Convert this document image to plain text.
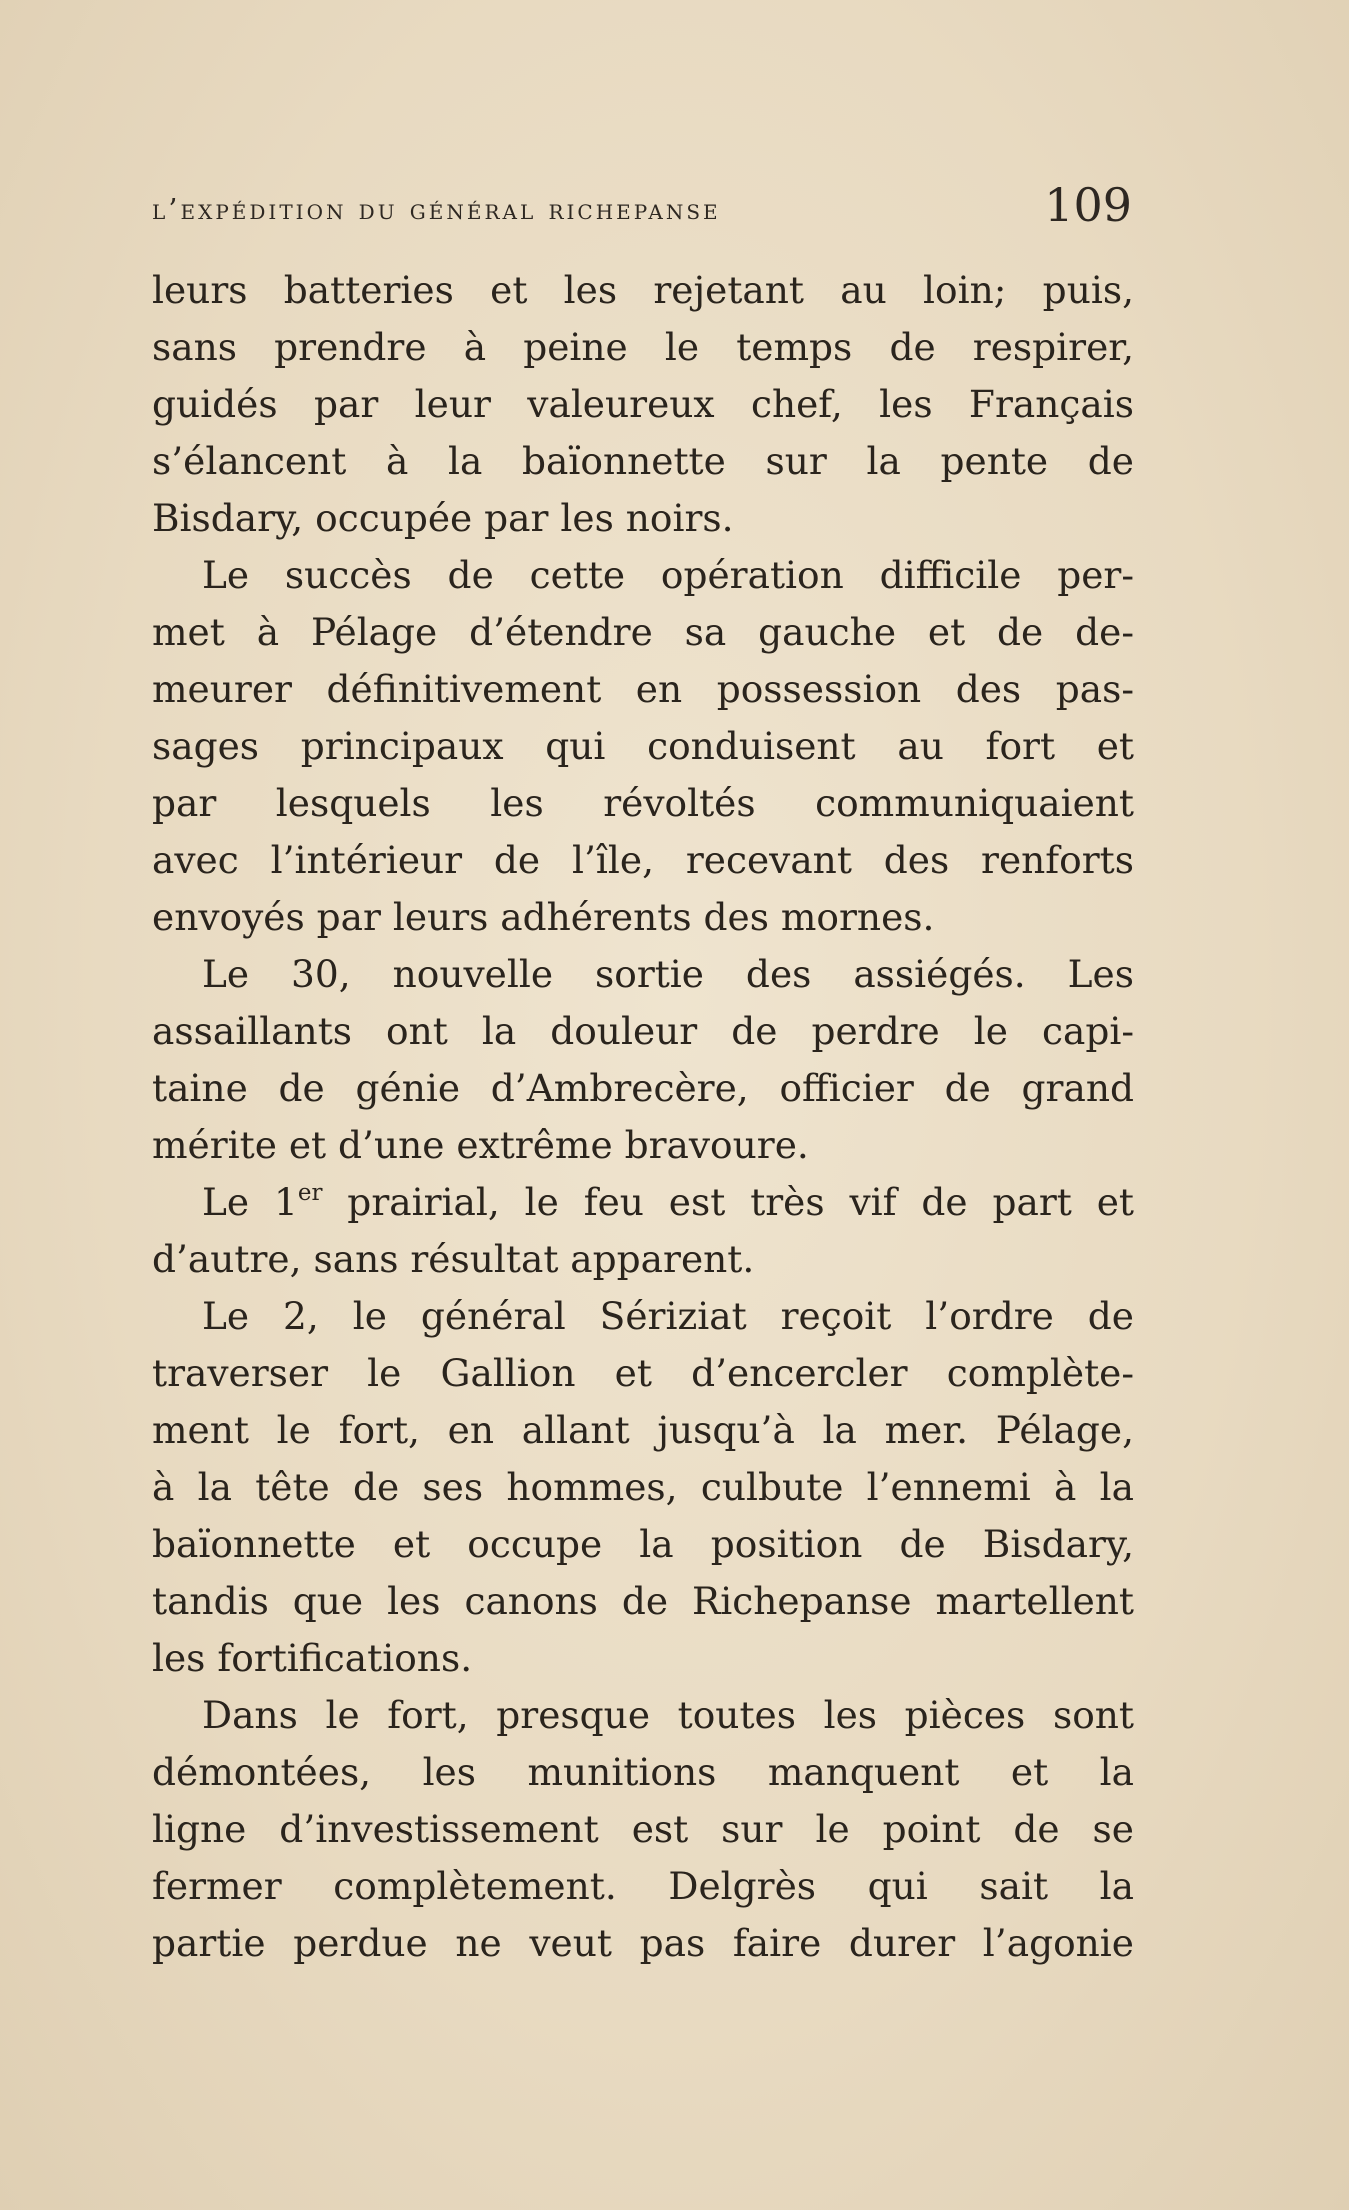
l’expédition du général richepanse	109
leurs batteries et les rejetant au loin; puis,
sans prendre à peine le temps de respirer,
guidés par leur valeureux chef, les Français
s’élancent à la baïonnette sur la pente de
Bisdary, occupée par les noirs.
Le succès de cette opération difficile per-
met à Pélage d’étendre sa gauche et de de-
meurer définitivement en possession des pas-
sages principaux qui conduisent au fort et
par lesquels les révoltés communiquaient
avec l’intérieur de l’île, recevant des renforts
envoyés par leurs adhérents des mornes.
Le 30, nouvelle sortie des assiégés. Les
assaillants ont la douleur de perdre le capi-
taine de génie d’Ambrecère, officier de grand
mérite et d’une extrême bravoure.
Le 1er prairial, le feu est très vif de part et
d’autre, sans résultat apparent.
Le 2, le général Sériziat reçoit l’ordre de
traverser le Gallion et d’encercler complète-
ment le fort, en allant jusqu’à la mer. Pélage,
à la tête de ses hommes, culbute l’ennemi à la
baïonnette et occupe la position de Bisdary,
tandis que les canons de Richepanse martellent
les fortifications.
Dans le fort, presque toutes les pièces sont
démontées, les munitions manquent et la
ligne d’investissement est sur le point de se
fermer complètement. Delgrès qui sait la
partie perdue ne veut pas faire durer l’agonie
